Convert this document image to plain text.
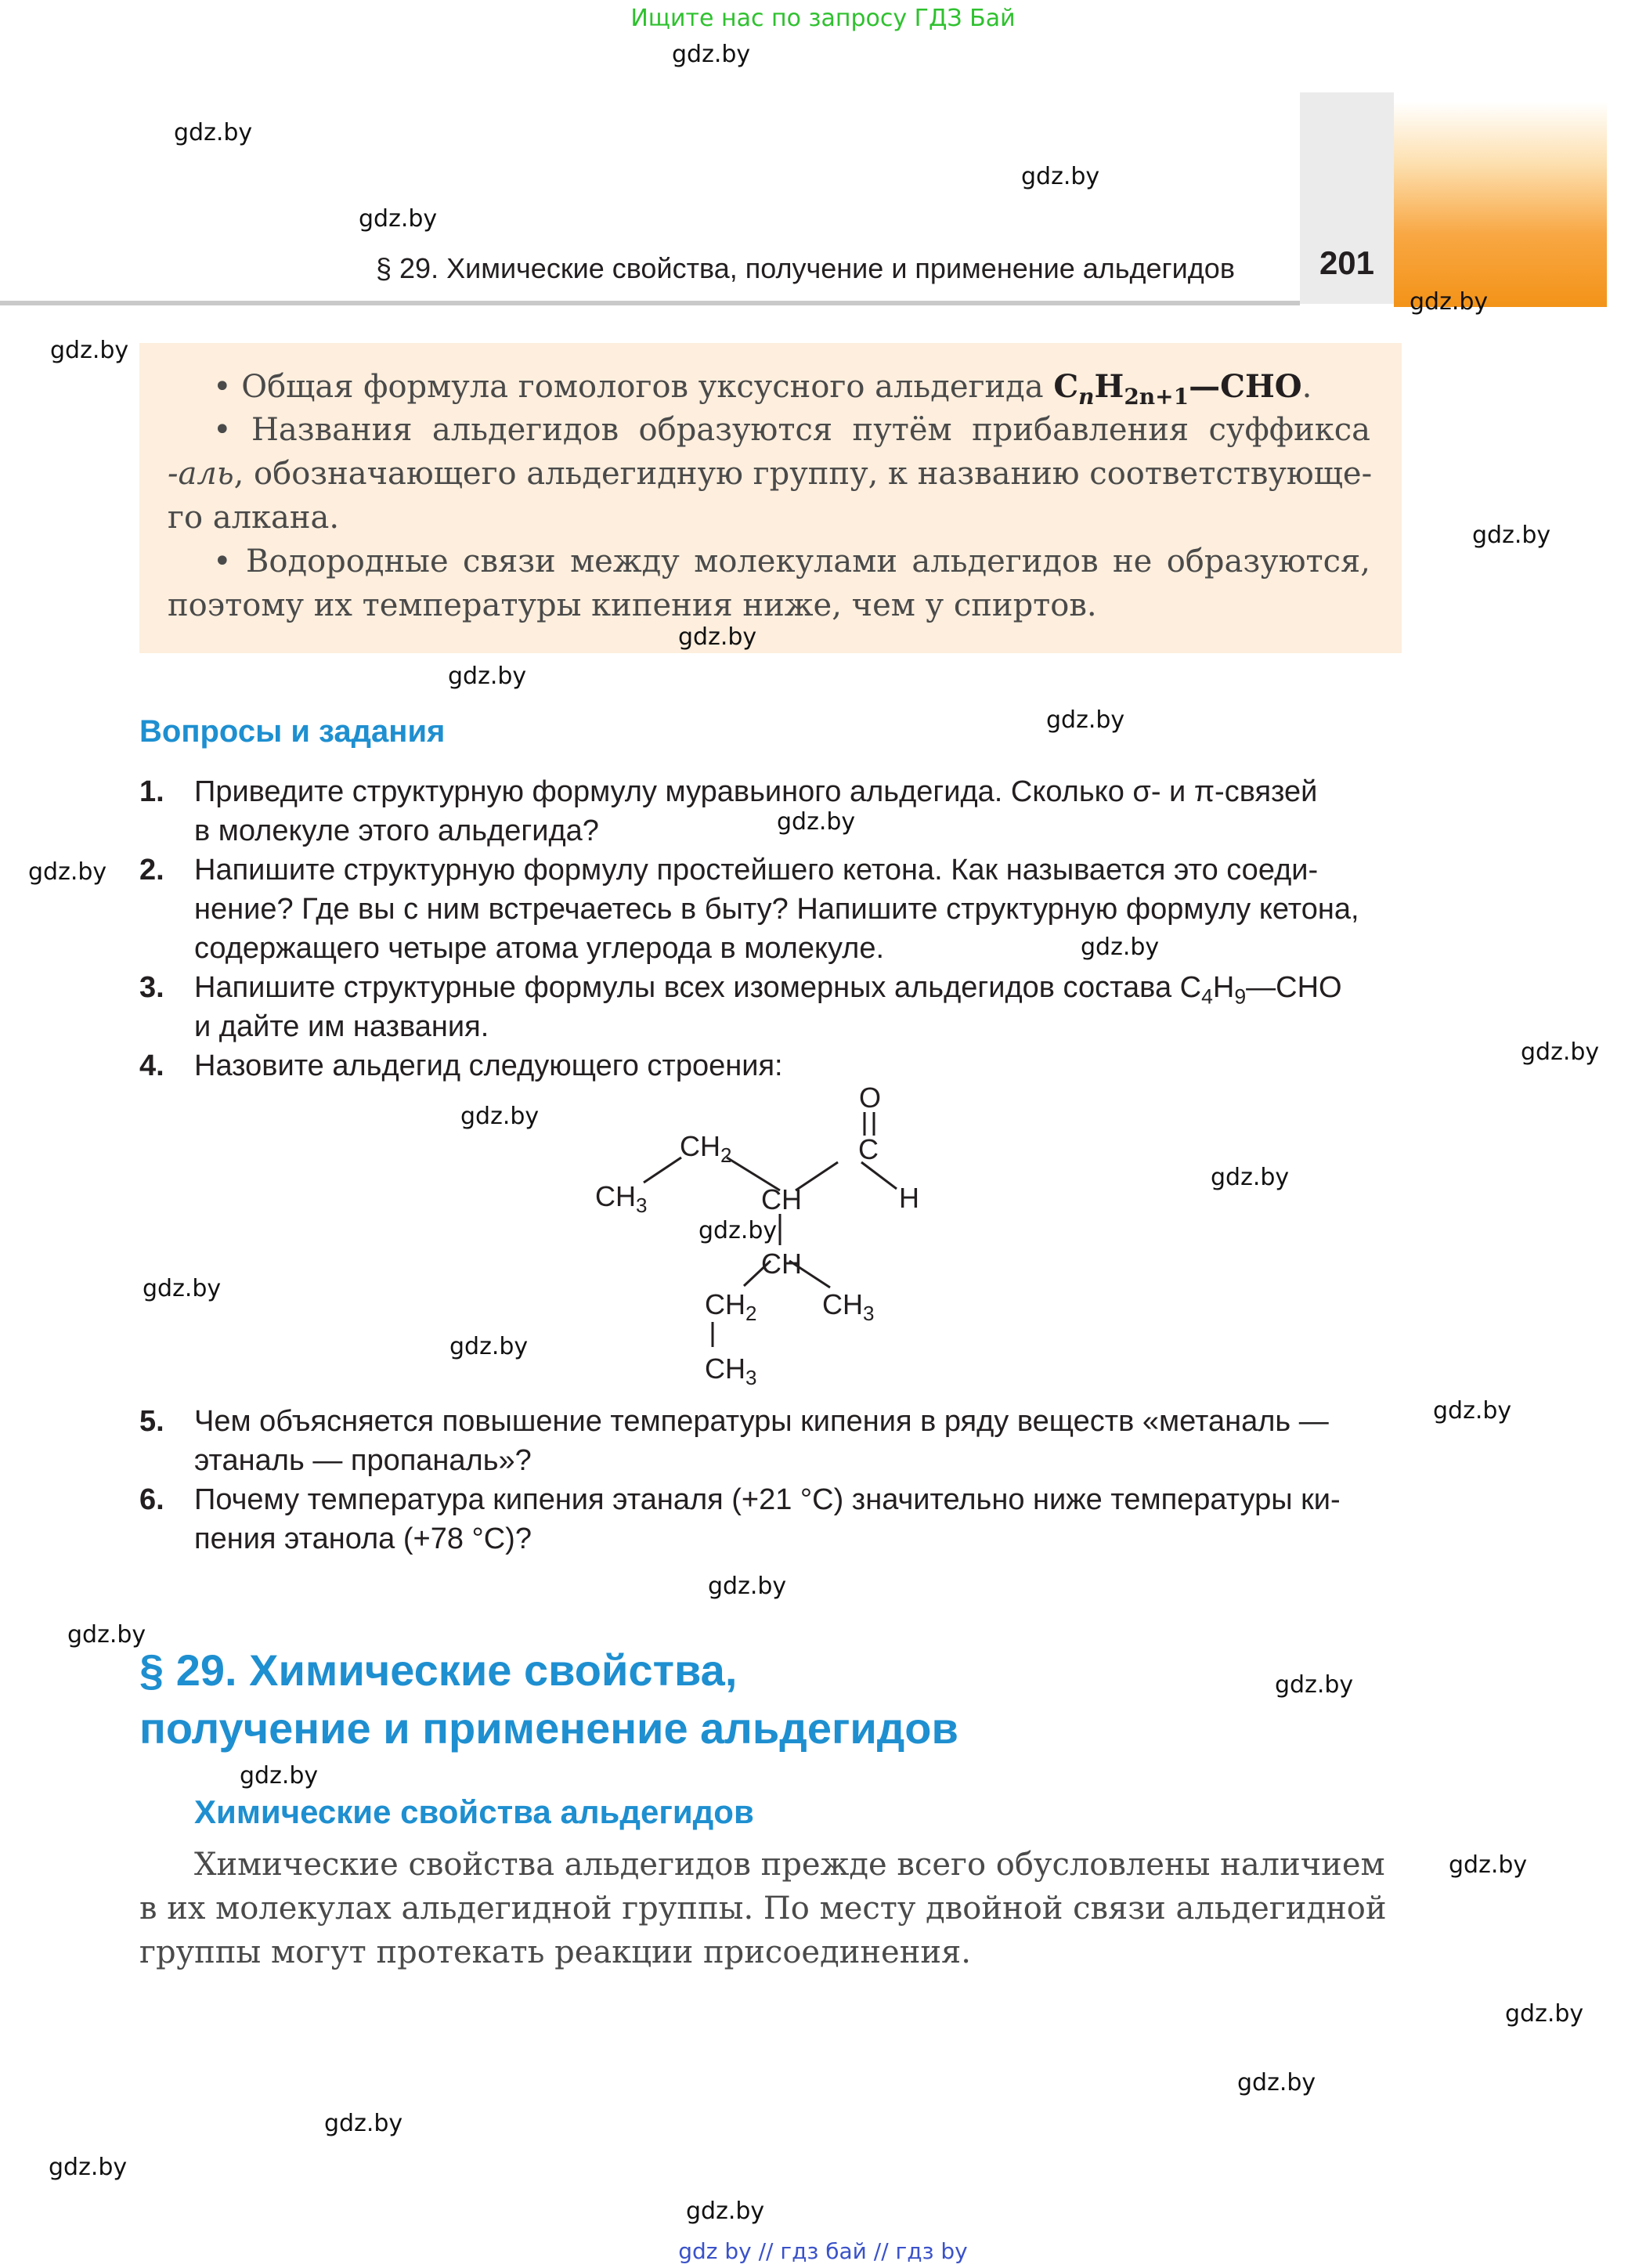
Ищите нас по запросу ГДЗ Бай
§ 29. Химические свойства, получение и применение альдегидов	201
• Общая формула гомологов уксусного альдегида $C_nH_{2n+1}—CHO$.
• Названия альдегидов образуются путём прибавления суффикса
-аль, обозначающего альдегидную группу, к названию соответствующе-
го алкана.
• Водородные связи между молекулами альдегидов не образуются,
поэтому их температуры кипения ниже, чем у спиртов.
Вопросы и задания
1. Приведите структурную формулу муравьиного альдегида. Сколько σ- и π-связей
в молекуле этого альдегида?
2. Напишите структурную формулу простейшего кетона. Как называется это соеди-
нение? Где вы с ним встречаетесь в быту? Напишите структурную формулу кетона,
содержащего четыре атома углерода в молекуле.
3. Напишите структурные формулы всех изомерных альдегидов состава $C_4H_9—CHO$
и дайте им названия.
4. Назовите альдегид следующего строения:
O
C
H
$CH_2$
$CH_3$	CH
CH
$CH_2$ $CH_3$
$CH_3$
5. Чем объясняется повышение температуры кипения в ряду веществ «метаналь —
этаналь — пропаналь»?
6. Почему температура кипения этаналя (+21 °С) значительно ниже температуры ки-
пения этанола (+78 °С)?
§ 29. Химические свойства,
получение и применение альдегидов
Химические свойства альдегидов
Химические свойства альдегидов прежде всего обусловлены наличием
в их молекулах альдегидной группы. По месту двойной связи альдегидной
группы могут протекать реакции присоединения.
gdz.by
gdz.by
gdz.by
gdz.by
gdz.by
gdz.by
gdz.by
gdz.by
gdz.by
gdz.by
gdz.by
gdz.by
gdz.by
gdz.by
gdz.by
gdz.by
gdz.by
gdz.by
gdz.by
gdz.by
gdz.by
gdz.by
gdz.by
gdz.by
gdz.by
gdz.by
gdz.by
gdz.by
gdz.by
gdz.by
gdz by // гдз бай // гдз by
